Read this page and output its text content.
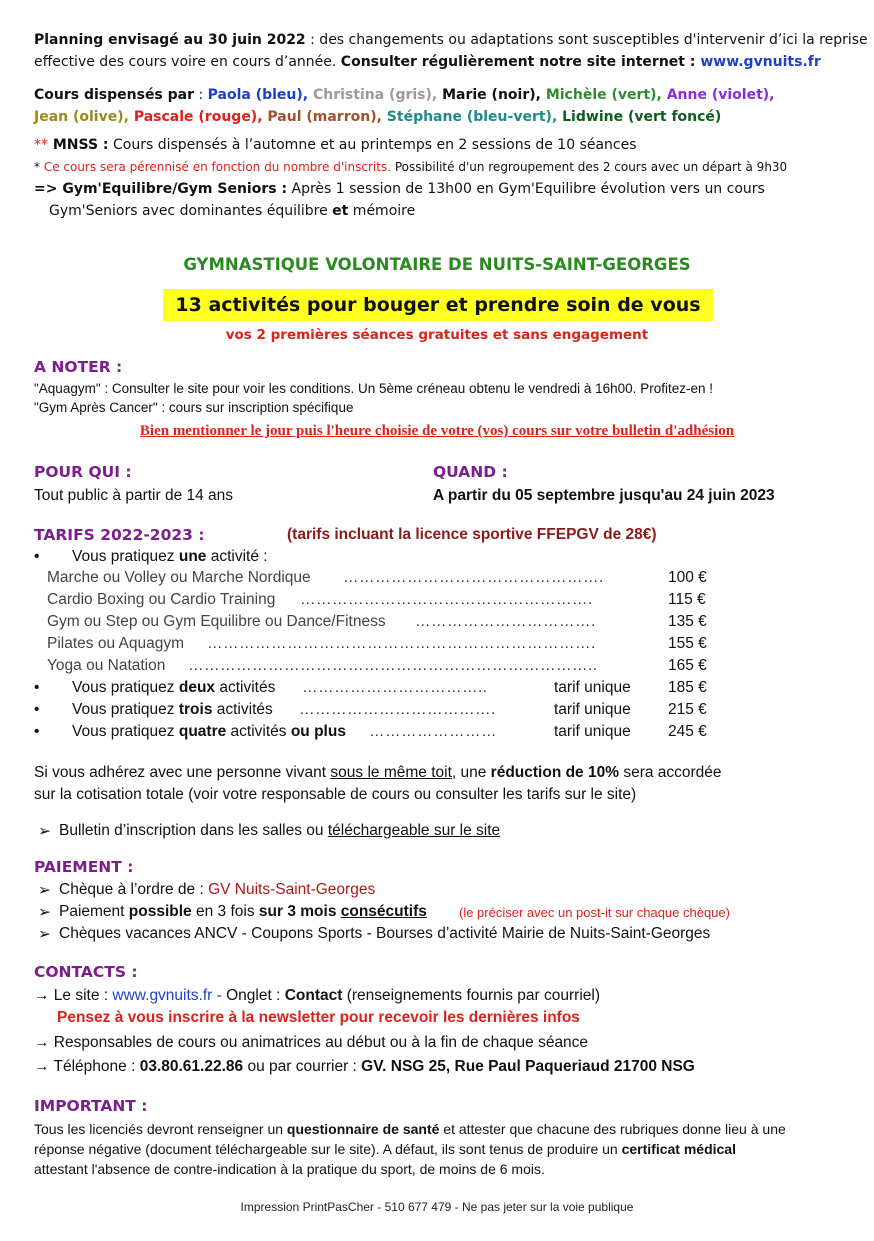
Planning envisagé au 30 juin 2022 : des changements ou adaptations sont susceptibles d'intervenir d’ici la reprise
effective des cours voire en cours d’année. Consulter régulièrement notre site internet : www.gvnuits.fr
Cours dispensés par : Paola (bleu), Christina (gris), Marie (noir), Michèle (vert), Anne (violet),
Jean (olive), Pascale (rouge), Paul (marron), Stéphane (bleu-vert), Lidwine (vert foncé)
** MNSS : Cours dispensés à l’automne et au printemps en 2 sessions de 10 séances
* Ce cours sera pérennisé en fonction du nombre d'inscrits. Possibilité d'un regroupement des 2 cours avec un départ à 9h30
=> Gym'Equilibre/Gym Seniors : Après 1 session de 13h00 en Gym'Equilibre évolution vers un cours
Gym'Seniors avec dominantes équilibre et mémoire
GYMNASTIQUE VOLONTAIRE DE NUITS-SAINT-GEORGES
13 activités pour bouger et prendre soin de vous
vos 2 premières séances gratuites et sans engagement
A NOTER :
"Aquagym" : Consulter le site pour voir les conditions. Un 5ème créneau obtenu le vendredi à 16h00. Profitez-en !
"Gym Après Cancer" : cours sur inscription spécifique
Bien mentionner le jour puis l'heure choisie de votre (vos) cours sur votre bulletin d'adhésion
POUR QUI :
Tout public à partir de 14 ans
QUAND :
A partir du 05 septembre jusqu'au 24 juin 2023
TARIFS 2022-2023 :	(tarifs incluant la licence sportive FFEPGV de 28€)
• Vous pratiquez une activité :
Marche ou Volley ou Marche Nordique ………………………………………….	100 €
Cardio Boxing ou Cardio Training ……………………………………………….	115 €
Gym ou Step ou Gym Equilibre ou Dance/Fitness …………………………….	135 €
Pilates ou Aquagym ……………………………………………………………….	155 €
Yoga ou Natation …………………………………………………………………..	165 €
• Vous pratiquez deux activités ……………………………..	tarif unique 185 €
• Vous pratiquez trois activités ……………………………….	tarif unique 215 €
• Vous pratiquez quatre activités ou plus ……………………	tarif unique 245 €
Si vous adhérez avec une personne vivant sous le même toit, une réduction de 10% sera accordée
sur la cotisation totale (voir votre responsable de cours ou consulter les tarifs sur le site)
➢ Bulletin d’inscription dans les salles ou téléchargeable sur le site
PAIEMENT :
➢ Chèque à l’ordre de : GV Nuits-Saint-Georges
➢ Paiement possible en 3 fois sur 3 mois consécutifs (le préciser avec un post-it sur chaque chèque)
➢ Chèques vacances ANCV - Coupons Sports - Bourses d’activité Mairie de Nuits-Saint-Georges
CONTACTS :
→ Le site : www.gvnuits.fr - Onglet : Contact (renseignements fournis par courriel)
Pensez à vous inscrire à la newsletter pour recevoir les dernières infos
→ Responsables de cours ou animatrices au début ou à la fin de chaque séance
→ Téléphone : 03.80.61.22.86 ou par courrier : GV. NSG 25, Rue Paul Paqueriaud 21700 NSG
IMPORTANT :
Tous les licenciés devront renseigner un questionnaire de santé et attester que chacune des rubriques donne lieu à une
réponse négative (document téléchargeable sur le site). A défaut, ils sont tenus de produire un certificat médical
attestant l'absence de contre-indication à la pratique du sport, de moins de 6 mois.
Impression PrintPasCher - 510 677 479 - Ne pas jeter sur la voie publique
